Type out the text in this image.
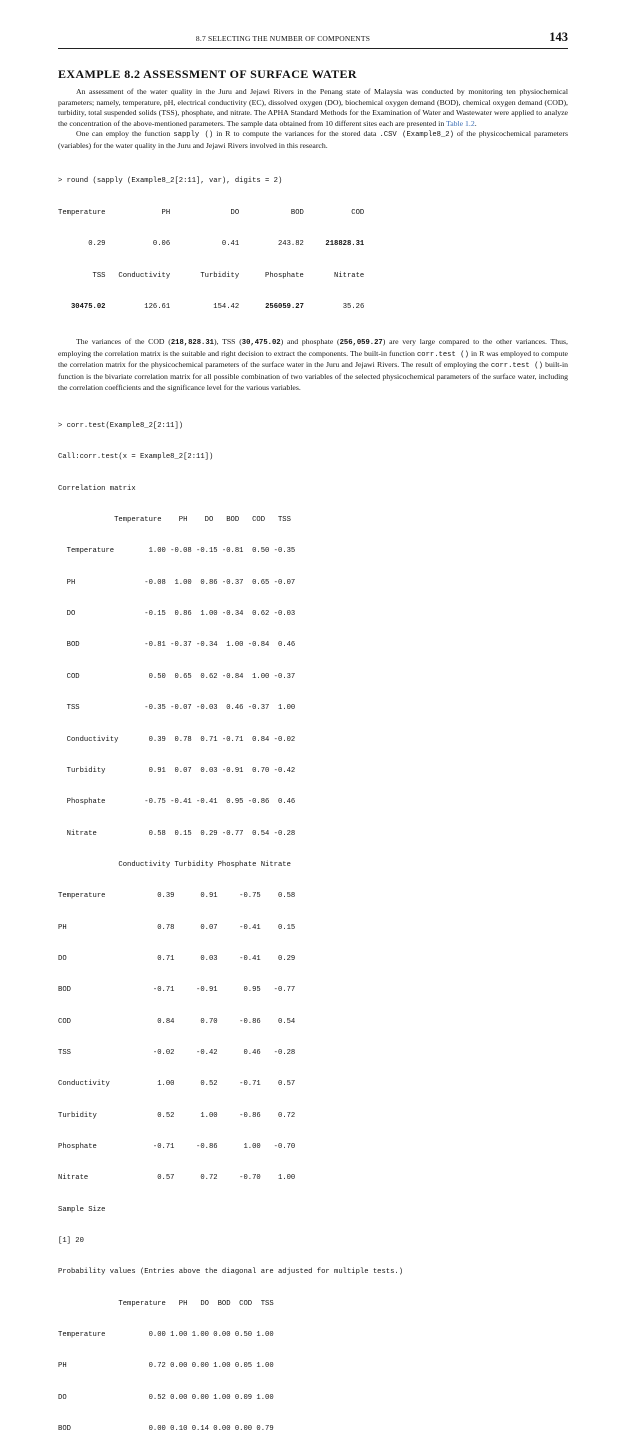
8.7 SELECTING THE NUMBER OF COMPONENTS	143
EXAMPLE 8.2 ASSESSMENT OF SURFACE WATER

An assessment of the water quality in the Juru and Jejawi Rivers in the Penang state of Malaysia was conducted by monitoring ten physiochemical parameters; namely, temperature, pH, electrical conductivity (EC), dissolved oxygen (DO), biochemical oxygen demand (BOD), chemical oxygen demand (COD), turbidity, total suspended solids (TSS), phosphate, and nitrate. The APHA Standard Methods for the Examination of Water and Wastewater were applied to analyze the concentration of the above-mentioned parameters. The sample data obtained from 10 different sites each are presented in Table 1.2.

One can employ the function sapply () in R to compute the variances for the stored data .CSV (Example8_2) of the physicochemical parameters (variables) for the water quality in the Juru and Jejawi Rivers involved in this research.

> round (sapply (Example8_2[2:11], var), digits = 2)

Temperature             PH              DO            BOD           COD

0.29           0.06            0.41         243.82     218828.31

TSS   Conductivity       Turbidity      Phosphate       Nitrate

30475.02         126.61          154.42      256059.27         35.26

The variances of the COD (218,828.31), TSS (30,475.02) and phosphate (256,059.27) are very large compared to the other variances. Thus, employing the correlation matrix is the suitable and right decision to extract the components. The built-in function corr.test () in R was employed to compute the correlation matrix for the physicochemical parameters of the surface water in the Juru and Jejawi Rivers. The result of employing the corr.test () built-in function is the bivariate correlation matrix for all possible combination of two variables of the selected physicochemical parameters of the surface water, including the correlation coefficients and the significance level for the various variables.

> corr.test(Example8_2[2:11])

Call:corr.test(x = Example8_2[2:11])

Correlation matrix

Temperature    PH    DO   BOD   COD   TSS

Temperature        1.00 -0.08 -0.15 -0.81  0.50 -0.35

PH                -0.08  1.00  0.86 -0.37  0.65 -0.07

DO                -0.15  0.86  1.00 -0.34  0.62 -0.03

BOD               -0.81 -0.37 -0.34  1.00 -0.84  0.46

COD                0.50  0.65  0.62 -0.84  1.00 -0.37

TSS               -0.35 -0.07 -0.03  0.46 -0.37  1.00

Conductivity       0.39  0.78  0.71 -0.71  0.84 -0.02

Turbidity          0.91  0.07  0.03 -0.91  0.70 -0.42

Phosphate         -0.75 -0.41 -0.41  0.95 -0.86  0.46

Nitrate            0.58  0.15  0.29 -0.77  0.54 -0.28

Conductivity Turbidity Phosphate Nitrate

Temperature            0.39      0.91     -0.75    0.58

PH                     0.78      0.07     -0.41    0.15

DO                     0.71      0.03     -0.41    0.29

BOD                   -0.71     -0.91      0.95   -0.77

COD                    0.84      0.70     -0.86    0.54

TSS                   -0.02     -0.42      0.46   -0.28

Conductivity           1.00      0.52     -0.71    0.57

Turbidity              0.52      1.00     -0.86    0.72

Phosphate             -0.71     -0.86      1.00   -0.70

Nitrate                0.57      0.72     -0.70    1.00

Sample Size

[1] 20

Probability values (Entries above the diagonal are adjusted for multiple tests.)

Temperature   PH   DO  BOD  COD  TSS

Temperature          0.00 1.00 1.00 0.00 0.50 1.00

PH                   0.72 0.00 0.00 1.00 0.05 1.00

DO                   0.52 0.00 0.00 1.00 0.09 1.00

BOD                  0.00 0.10 0.14 0.00 0.00 0.79
